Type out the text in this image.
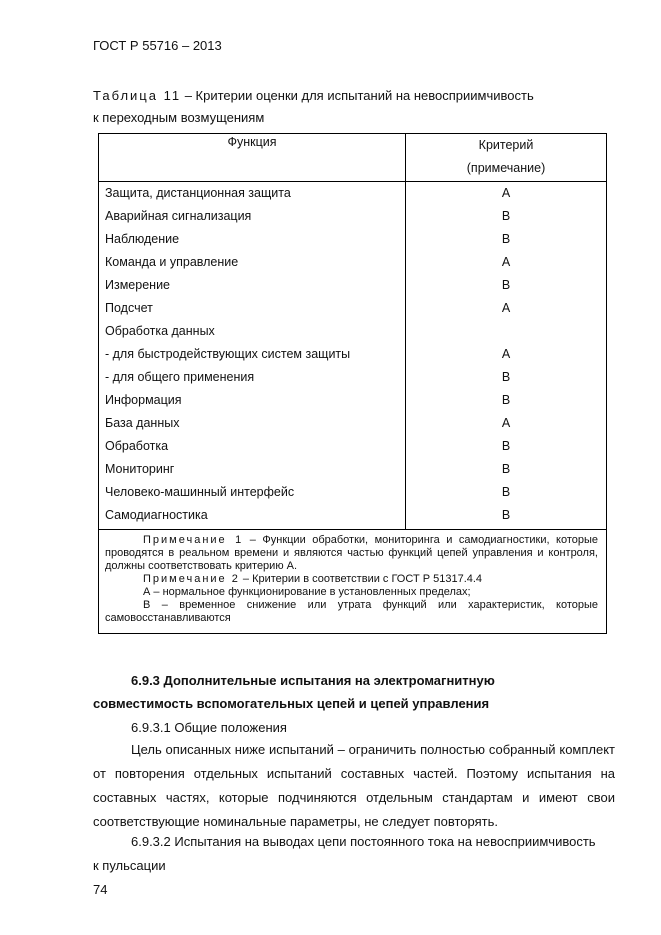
ГОСТ Р 55716 – 2013
Таблица 11 – Критерии оценки для испытаний на невосприимчивость
к переходным возмущениям
Функция	Критерий
(примечание)

Защита, дистанционная защита	А
Аварийная сигнализация	В
Наблюдение	В
Команда и управление	А
Измерение	В
Подсчет	А
Обработка данных	
- для быстродействующих систем защиты	А
- для общего применения	В
Информация	В
База данных	А
Обработка	В
Мониторинг	В
Человеко-машинный интерфейс	В
Самодиагностика	В

Примечание 1 – Функции обработки, мониторинга и самодиагностики, которые проводятся в реальном времени и являются частью функций цепей управления и контроля, должны соответствовать критерию А.
Примечание 2 – Критерии в соответствии с ГОСТ Р 51317.4.4
А – нормальное функционирование в установленных пределах;
В – временное снижение или утрата функций или характеристик, которые самовосстанавливаются	
6.9.3 Дополнительные испытания на электромагнитную
совместимость вспомогательных цепей и цепей управления
6.9.3.1 Общие положения
Цель описанных ниже испытаний – ограничить полностью собранный комплект от повторения отдельных испытаний составных частей. Поэтому испытания на составных частях, которые подчиняются отдельным стандартам и имеют свои соответствующие номинальные параметры, не следует повторять.
6.9.3.2 Испытания на выводах цепи постоянного тока на невосприимчивость
к пульсации
74
